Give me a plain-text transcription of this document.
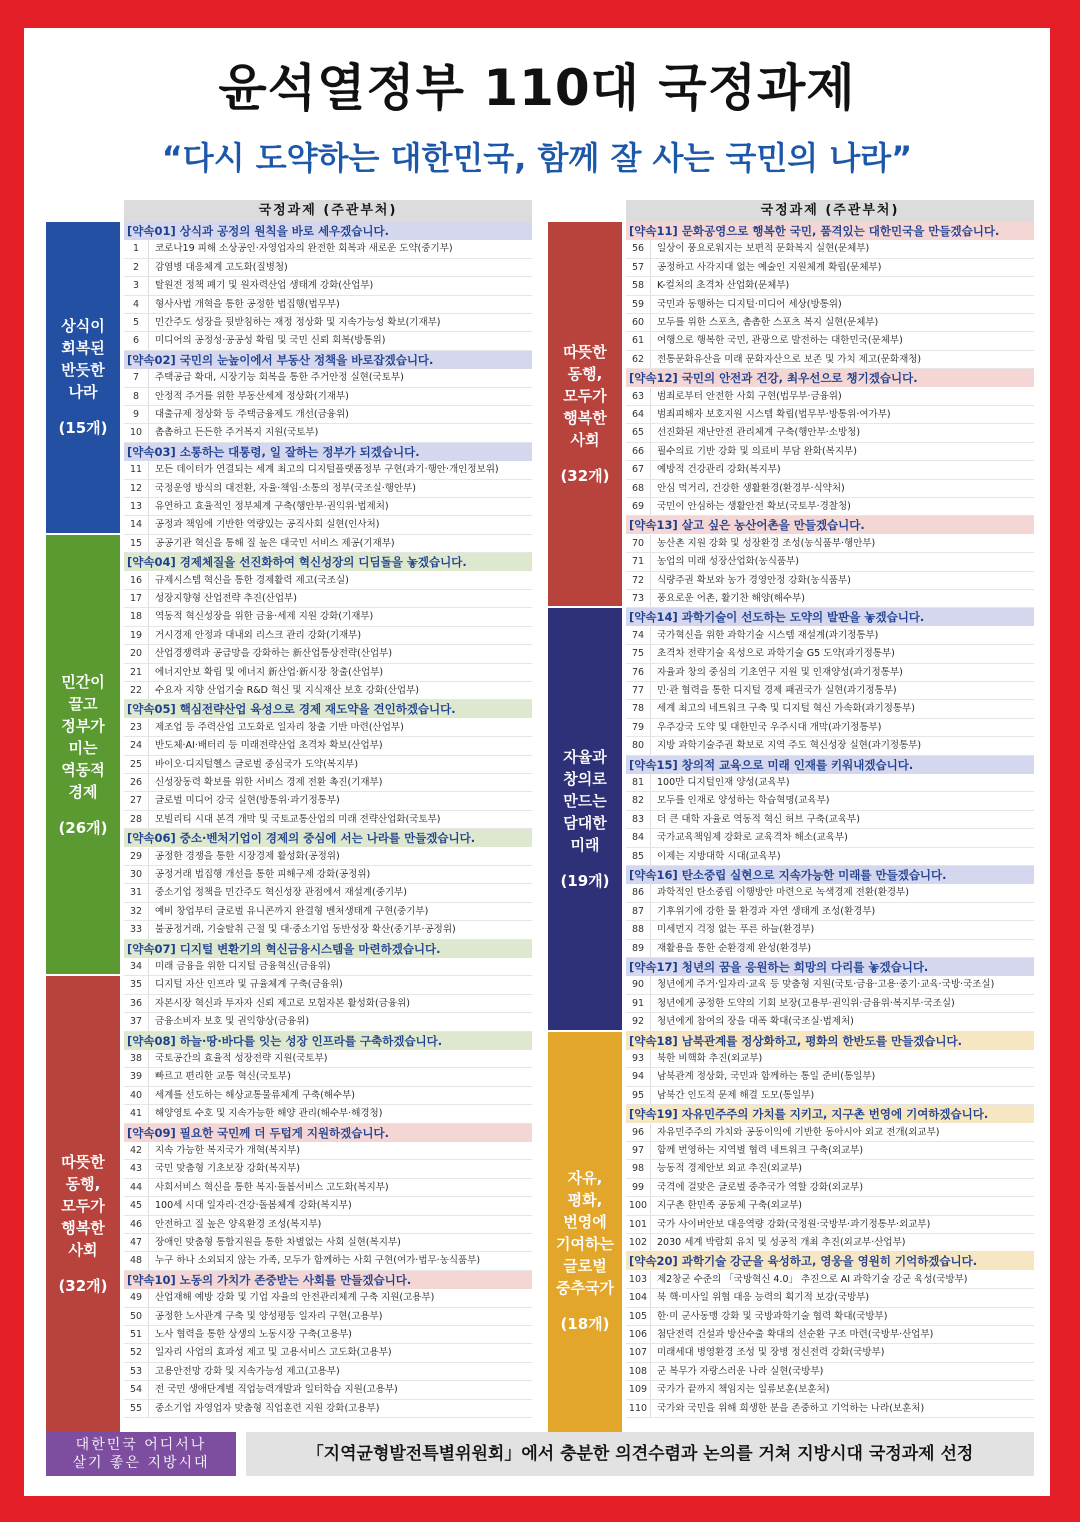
윤석열정부 110대 국정과제
“다시 도약하는 대한민국, 함께 잘 사는 국민의 나라”
국정과제 (주관부처)
[약속01] 상식과 공정의 원칙을 바로 세우겠습니다.
1	코로나19 피해 소상공인·자영업자의 완전한 회복과 새로운 도약(중기부)
2	감염병 대응체계 고도화(질병청)
3	탈원전 정책 폐기 및 원자력산업 생태계 강화(산업부)
4	형사사법 개혁을 통한 공정한 법집행(법무부)
5	민간주도 성장을 뒷받침하는 재정 정상화 및 지속가능성 확보(기재부)
6	미디어의 공정성·공공성 확립 및 국민 신뢰 회복(방통위)
[약속02] 국민의 눈높이에서 부동산 정책을 바로잡겠습니다.
7	주택공급 확대, 시장기능 회복을 통한 주거안정 실현(국토부)
8	안정적 주거를 위한 부동산세제 정상화(기재부)
9	대출규제 정상화 등 주택금융제도 개선(금융위)
10	촘촘하고 든든한 주거복지 지원(국토부)
[약속03] 소통하는 대통령, 일 잘하는 정부가 되겠습니다.
11	모든 데이터가 연결되는 세계 최고의 디지털플랫폼정부 구현(과기·행안·개인정보위)
12	국정운영 방식의 대전환, 자율·책임·소통의 정부(국조실·행안부)
13	유연하고 효율적인 정부체계 구축(행안부·권익위·법제처)
14	공정과 책임에 기반한 역량있는 공직사회 실현(인사처)
15	공공기관 혁신을 통해 질 높은 대국민 서비스 제공(기재부)
[약속04] 경제체질을 선진화하여 혁신성장의 디딤돌을 놓겠습니다.
16	규제시스템 혁신을 통한 경제활력 제고(국조실)
17	성장지향형 산업전략 추진(산업부)
18	역동적 혁신성장을 위한 금융·세제 지원 강화(기재부)
19	거시경제 안정과 대내외 리스크 관리 강화(기재부)
20	산업경쟁력과 공급망을 강화하는 新산업통상전략(산업부)
21	에너지안보 확립 및 에너지 新산업·新시장 창출(산업부)
22	수요자 지향 산업기술 R&D 혁신 및 지식재산 보호 강화(산업부)
[약속05] 핵심전략산업 육성으로 경제 재도약을 견인하겠습니다.
23	제조업 등 주력산업 고도화로 일자리 창출 기반 마련(산업부)
24	반도체·AI·배터리 등 미래전략산업 초격차 확보(산업부)
25	바이오·디지털헬스 글로벌 중심국가 도약(복지부)
26	신성장동력 확보를 위한 서비스 경제 전환 촉진(기재부)
27	글로벌 미디어 강국 실현(방통위·과기정통부)
28	모빌리티 시대 본격 개막 및 국토교통산업의 미래 전략산업화(국토부)
[약속06] 중소·벤처기업이 경제의 중심에 서는 나라를 만들겠습니다.
29	공정한 경쟁을 통한 시장경제 활성화(공정위)
30	공정거래 법집행 개선을 통한 피해구제 강화(공정위)
31	중소기업 정책을 민간주도 혁신성장 관점에서 재설계(중기부)
32	예비 창업부터 글로벌 유니콘까지 완결형 벤처생태계 구현(중기부)
33	불공정거래, 기술탈취 근절 및 대·중소기업 동반성장 확산(중기부·공정위)
[약속07] 디지털 변환기의 혁신금융시스템을 마련하겠습니다.
34	미래 금융을 위한 디지털 금융혁신(금융위)
35	디지털 자산 인프라 및 규율체계 구축(금융위)
36	자본시장 혁신과 투자자 신뢰 제고로 모험자본 활성화(금융위)
37	금융소비자 보호 및 권익향상(금융위)
[약속08] 하늘·땅·바다를 잇는 성장 인프라를 구축하겠습니다.
38	국토공간의 효율적 성장전략 지원(국토부)
39	빠르고 편리한 교통 혁신(국토부)
40	세계를 선도하는 해상교통물류체계 구축(해수부)
41	해양영토 수호 및 지속가능한 해양 관리(해수부·해경청)
[약속09] 필요한 국민께 더 두텁게 지원하겠습니다.
42	지속 가능한 복지국가 개혁(복지부)
43	국민 맞춤형 기초보장 강화(복지부)
44	사회서비스 혁신을 통한 복지·돌봄서비스 고도화(복지부)
45	100세 시대 일자리·건강·돌봄체계 강화(복지부)
46	안전하고 질 높은 양육환경 조성(복지부)
47	장애인 맞춤형 통합지원을 통한 차별없는 사회 실현(복지부)
48	누구 하나 소외되지 않는 가족, 모두가 함께하는 사회 구현(여가·법무·농식품부)
[약속10] 노동의 가치가 존중받는 사회를 만들겠습니다.
49	산업재해 예방 강화 및 기업 자율의 안전관리체계 구축 지원(고용부)
50	공정한 노사관계 구축 및 양성평등 일자리 구현(고용부)
51	노사 협력을 통한 상생의 노동시장 구축(고용부)
52	일자리 사업의 효과성 제고 및 고용서비스 고도화(고용부)
53	고용안전망 강화 및 지속가능성 제고(고용부)
54	전 국민 생애단계별 직업능력개발과 일터학습 지원(고용부)
55	중소기업 자영업자 맞춤형 직업훈련 지원 강화(고용부)
상식이
회복된
반듯한
나라
(15개)
민간이
끌고
정부가
미는
역동적
경제
(26개)
따뜻한
동행,
모두가
행복한
사회
(32개)
국정과제 (주관부처)
[약속11] 문화공영으로 행복한 국민, 품격있는 대한민국을 만들겠습니다.
56	일상이 풍요로워지는 보편적 문화복지 실현(문체부)
57	공정하고 사각지대 없는 예술인 지원체계 확립(문체부)
58	K-컬처의 초격차 산업화(문체부)
59	국민과 동행하는 디지털·미디어 세상(방통위)
60	모두를 위한 스포츠, 촘촘한 스포츠 복지 실현(문체부)
61	여행으로 행복한 국민, 관광으로 발전하는 대한민국(문체부)
62	전통문화유산을 미래 문화자산으로 보존 및 가치 제고(문화재청)
[약속12] 국민의 안전과 건강, 최우선으로 챙기겠습니다.
63	범죄로부터 안전한 사회 구현(법무부·금융위)
64	범죄피해자 보호지원 시스템 확립(법무부·방통위·여가부)
65	선진화된 재난안전 관리체계 구축(행안부·소방청)
66	필수의료 기반 강화 및 의료비 부담 완화(복지부)
67	예방적 건강관리 강화(복지부)
68	안심 먹거리, 건강한 생활환경(환경부·식약처)
69	국민이 안심하는 생활안전 확보(국토부·경찰청)
[약속13] 살고 싶은 농산어촌을 만들겠습니다.
70	농산촌 지원 강화 및 성장환경 조성(농식품부·행안부)
71	농업의 미래 성장산업화(농식품부)
72	식량주권 확보와 농가 경영안정 강화(농식품부)
73	풍요로운 어촌, 활기찬 해양(해수부)
[약속14] 과학기술이 선도하는 도약의 발판을 놓겠습니다.
74	국가혁신을 위한 과학기술 시스템 재설계(과기정통부)
75	초격차 전략기술 육성으로 과학기술 G5 도약(과기정통부)
76	자율과 창의 중심의 기초연구 지원 및 인재양성(과기정통부)
77	민·관 협력을 통한 디지털 경제 패권국가 실현(과기정통부)
78	세계 최고의 네트워크 구축 및 디지털 혁신 가속화(과기정통부)
79	우주강국 도약 및 대한민국 우주시대 개막(과기정통부)
80	지방 과학기술주권 확보로 지역 주도 혁신성장 실현(과기정통부)
[약속15] 창의적 교육으로 미래 인재를 키워내겠습니다.
81	100만 디지털인재 양성(교육부)
82	모두를 인재로 양성하는 학습혁명(교육부)
83	더 큰 대학 자율로 역동적 혁신 허브 구축(교육부)
84	국가교육책임제 강화로 교육격차 해소(교육부)
85	이제는 지방대학 시대(교육부)
[약속16] 탄소중립 실현으로 지속가능한 미래를 만들겠습니다.
86	과학적인 탄소중립 이행방안 마련으로 녹색경제 전환(환경부)
87	기후위기에 강한 물 환경과 자연 생태계 조성(환경부)
88	미세먼지 걱정 없는 푸른 하늘(환경부)
89	재활용을 통한 순환경제 완성(환경부)
[약속17] 청년의 꿈을 응원하는 희망의 다리를 놓겠습니다.
90	청년에게 주거·일자리·교육 등 맞춤형 지원(국토·금융·고용·중기·교육·국방·국조실)
91	청년에게 공정한 도약의 기회 보장(고용부·권익위·금융위·복지부·국조실)
92	청년에게 참여의 장을 대폭 확대(국조실·법제처)
[약속18] 남북관계를 정상화하고, 평화의 한반도를 만들겠습니다.
93	북한 비핵화 추진(외교부)
94	남북관계 정상화, 국민과 함께하는 통일 준비(통일부)
95	남북간 인도적 문제 해결 도모(통일부)
[약속19] 자유민주주의 가치를 지키고, 지구촌 번영에 기여하겠습니다.
96	자유민주주의 가치와 공동이익에 기반한 동아시아 외교 전개(외교부)
97	함께 번영하는 지역별 협력 네트워크 구축(외교부)
98	능동적 경제안보 외교 추진(외교부)
99	국격에 걸맞은 글로벌 중추국가 역할 강화(외교부)
100	지구촌 한민족 공동체 구축(외교부)
101	국가 사이버안보 대응역량 강화(국정원·국방부·과기정통부·외교부)
102	2030 세계 박람회 유치 및 성공적 개최 추진(외교부·산업부)
[약속20] 과학기술 강군을 육성하고, 영웅을 영원히 기억하겠습니다.
103	제2창군 수준의 「국방혁신 4.0」 추진으로 AI 과학기술 강군 육성(국방부)
104	북 핵·미사일 위협 대응 능력의 획기적 보강(국방부)
105	한·미 군사동맹 강화 및 국방과학기술 협력 확대(국방부)
106	첨단전력 건설과 방산수출 확대의 선순환 구조 마련(국방부·산업부)
107	미래세대 병영환경 조성 및 장병 정신전력 강화(국방부)
108	군 복무가 자랑스러운 나라 실현(국방부)
109	국가가 끝까지 책임지는 일류보훈(보훈처)
110	국가와 국민을 위해 희생한 분을 존중하고 기억하는 나라(보훈처)
따뜻한
동행,
모두가
행복한
사회
(32개)
자율과
창의로
만드는
담대한
미래
(19개)
자유,
평화,
번영에
기여하는
글로벌
중추국가
(18개)
대한민국 어디서나
살기 좋은 지방시대	「지역균형발전특별위원회」에서 충분한 의견수렴과 논의를 거쳐 지방시대 국정과제 선정
